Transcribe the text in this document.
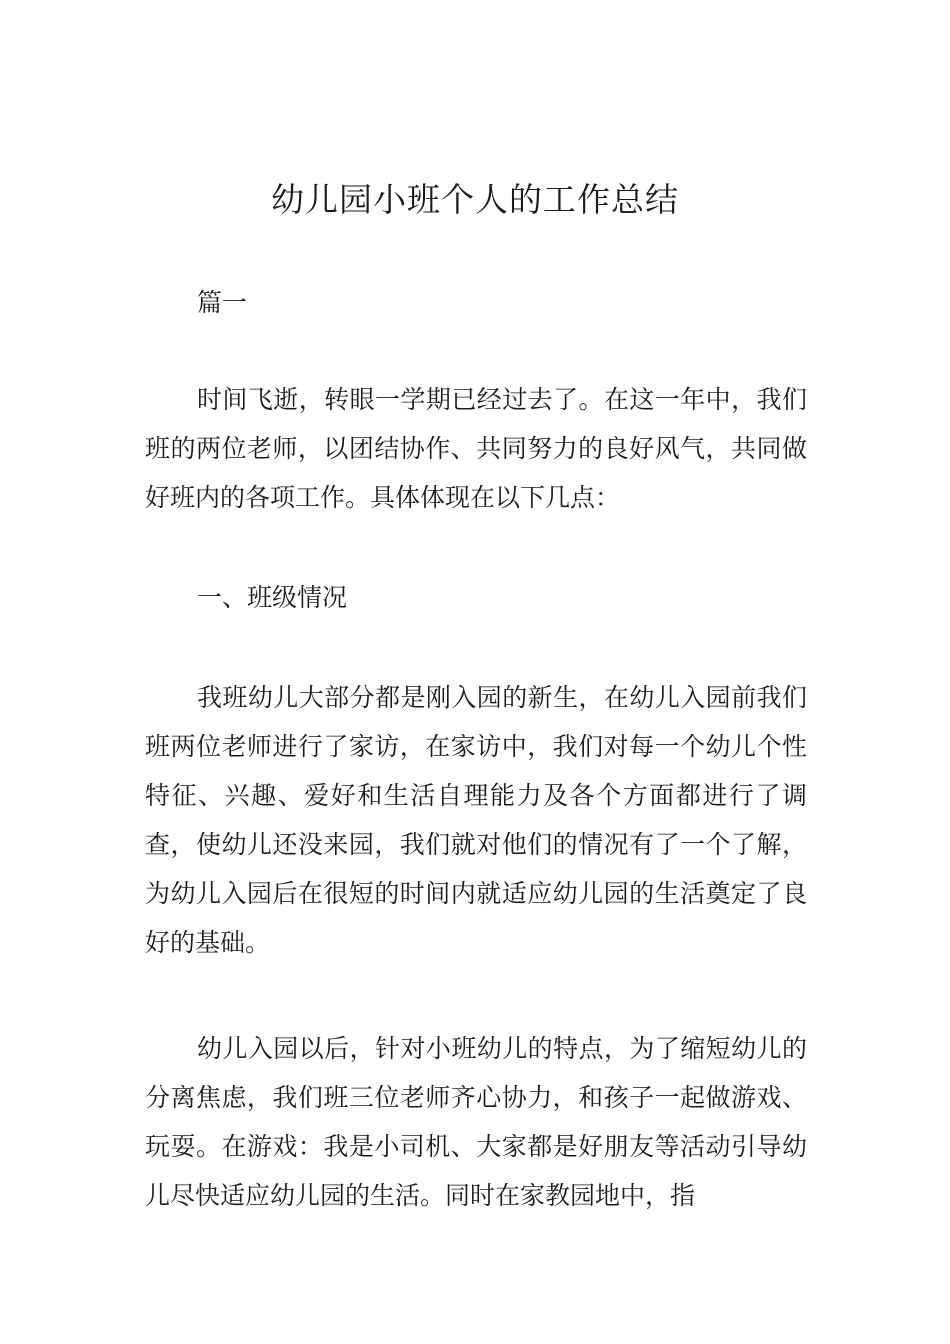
幼儿园小班个人的工作总结

篇一

时间飞逝，转眼一学期已经过去了。在这一年中，我们班的两位老师，以团结协作、共同努力的良好风气，共同做好班内的各项工作。具体体现在以下几点：

一、班级情况

我班幼儿大部分都是刚入园的新生，在幼儿入园前我们班两位老师进行了家访，在家访中，我们对每一个幼儿个性特征、兴趣、爱好和生活自理能力及各个方面都进行了调查，使幼儿还没来园，我们就对他们的情况有了一个了解，为幼儿入园后在很短的时间内就适应幼儿园的生活奠定了良好的基础。

幼儿入园以后，针对小班幼儿的特点，为了缩短幼儿的分离焦虑，我们班三位老师齐心协力，和孩子一起做游戏、玩耍。在游戏：我是小司机、大家都是好朋友等活动引导幼儿尽快适应幼儿园的生活。同时在家教园地中，指
